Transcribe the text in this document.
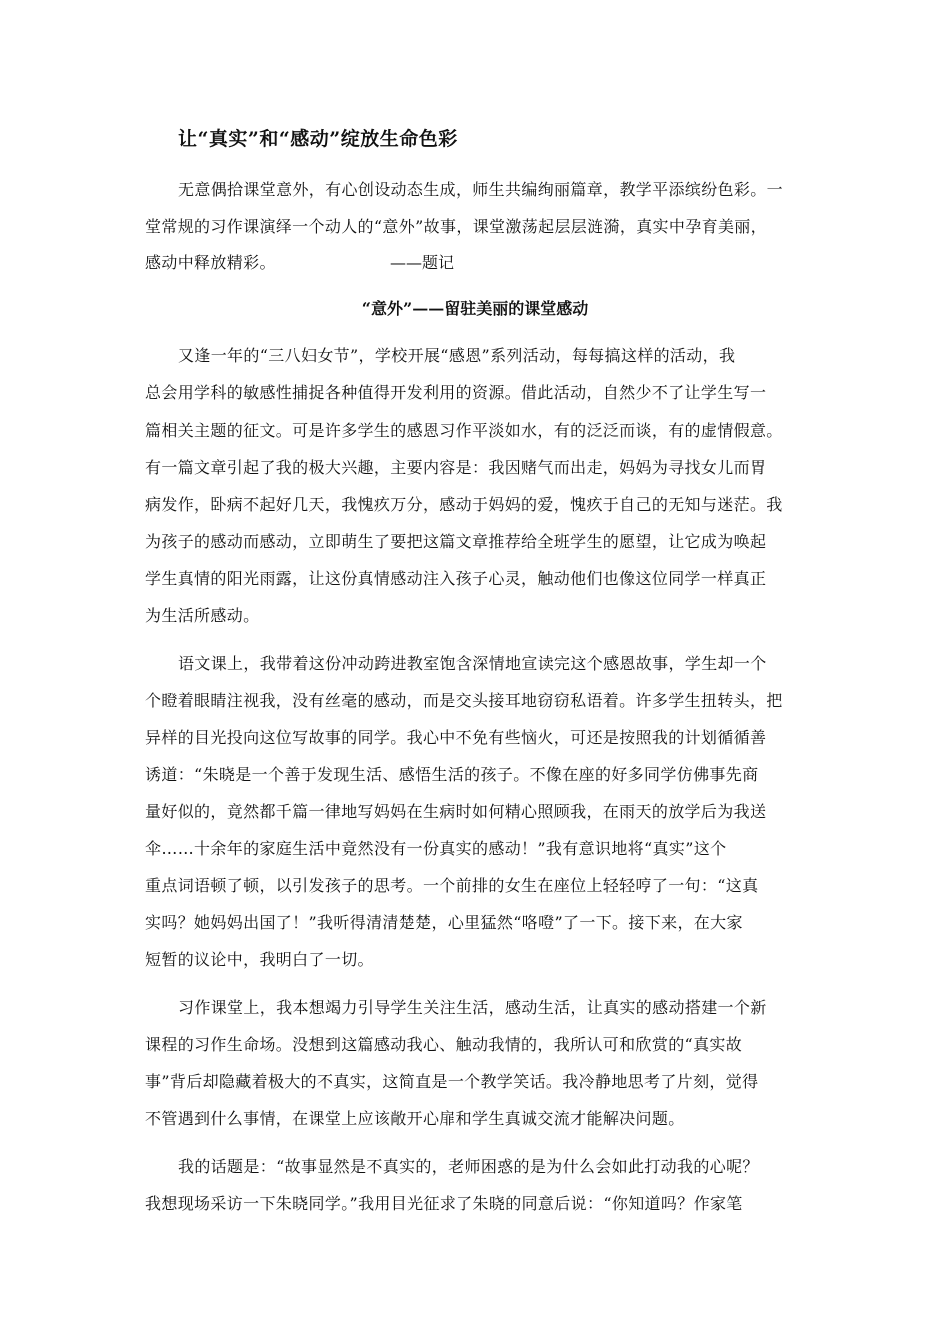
让“真实”和“感动”绽放生命色彩
无意偶拾课堂意外，有心创设动态生成，师生共编绚丽篇章，教学平添缤纷色彩。一
堂常规的习作课演绎一个动人的“意外”故事，课堂激荡起层层涟漪，真实中孕育美丽，
感动中释放精彩。	——题记
“意外”——留驻美丽的课堂感动
又逢一年的“三八妇女节”，学校开展“感恩”系列活动，每每搞这样的活动，我
总会用学科的敏感性捕捉各种值得开发利用的资源。借此活动，自然少不了让学生写一
篇相关主题的征文。可是许多学生的感恩习作平淡如水，有的泛泛而谈，有的虚情假意。
有一篇文章引起了我的极大兴趣，主要内容是：我因赌气而出走，妈妈为寻找女儿而胃
病发作，卧病不起好几天，我愧疚万分，感动于妈妈的爱，愧疚于自己的无知与迷茫。我
为孩子的感动而感动，立即萌生了要把这篇文章推荐给全班学生的愿望，让它成为唤起
学生真情的阳光雨露，让这份真情感动注入孩子心灵，触动他们也像这位同学一样真正
为生活所感动。
语文课上，我带着这份冲动跨进教室饱含深情地宣读完这个感恩故事，学生却一个
个瞪着眼睛注视我，没有丝毫的感动，而是交头接耳地窃窃私语着。许多学生扭转头，把
异样的目光投向这位写故事的同学。我心中不免有些恼火，可还是按照我的计划循循善
诱道：“朱晓是一个善于发现生活、感悟生活的孩子。不像在座的好多同学仿佛事先商
量好似的，竟然都千篇一律地写妈妈在生病时如何精心照顾我，在雨天的放学后为我送
伞……十余年的家庭生活中竟然没有一份真实的感动！”我有意识地将“真实”这个
重点词语顿了顿，以引发孩子的思考。一个前排的女生在座位上轻轻哼了一句：“这真
实吗？她妈妈出国了！”我听得清清楚楚，心里猛然“咯噔”了一下。接下来，在大家
短暂的议论中，我明白了一切。
习作课堂上，我本想竭力引导学生关注生活，感动生活，让真实的感动搭建一个新
课程的习作生命场。没想到这篇感动我心、触动我情的，我所认可和欣赏的“真实故
事”背后却隐藏着极大的不真实，这简直是一个教学笑话。我冷静地思考了片刻，觉得
不管遇到什么事情，在课堂上应该敞开心扉和学生真诚交流才能解决问题。
我的话题是：“故事显然是不真实的，老师困惑的是为什么会如此打动我的心呢？
我想现场采访一下朱晓同学。”我用目光征求了朱晓的同意后说：“你知道吗？作家笔
